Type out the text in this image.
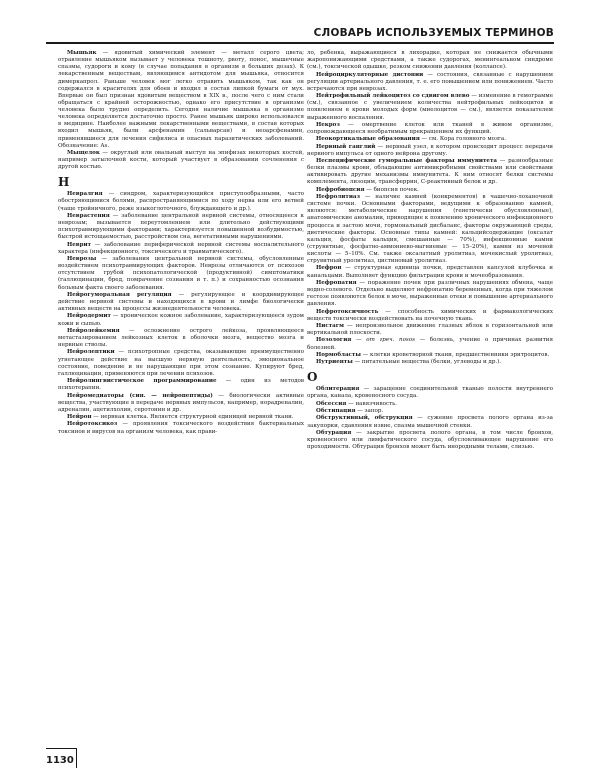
СЛОВАРЬ ИСПОЛЬЗУЕМЫХ ТЕРМИНОВ

Мышьяк — ядовитый химический элемент — металл серого цвета; отравление мышьяком вызывает у человека тошноту, рвоту, понос, мышечные спазмы, судороги и кому (в случае попадания в организм в больших дозах). К лекарственным веществам, являющимся антидотом для мышьяка, относится димеркапрол. Раньше человек мог легко отравить мышьяком, так как он содержался в красителях для обоев и входил в состав липкой бумаги от мух. Впервые он был признан ядовитым веществом в XIX в., после чего с ним стали обращаться с крайней осторожностью, однако его присутствие в организме человека было трудно определить. Сегодня наличие мышьяка в организме человека определяется достаточно просто. Ранее мышьяк широко использовался в медицине. Наиболее важными лекарственными веществами, в состав которых входил мышьяк, были арсфенамин (сальварсан) и неоарсфенамин, применявшиеся для лечения сифилиса и опасных паразитических заболеваний. Обозначение: As.

Мыщелок — округлый или овальный выступ на эпифизах некоторых костей, например затылочной кости, который участвует в образовании сочленения с другой костью.

Н

Невралгия — синдром, характеризующийся приступообразными, часто обостряющимися болями, распространяющимися по ходу нерва или его ветвей (чаще тройничного, реже языкоглоточного, блуждающего и др.).

Неврастения — заболевание центральной нервной системы, относящееся к неврозам; вызывается переутомлением или длительно действующими психотравмирующими факторами; характеризуется повышенной возбудимостью, быстрой истощаемостью, расстройством сна, вегетативными нарушениями.

Неврит — заболевание периферической нервной системы воспалительного характера (инфекционного, токсического и травматического).

Неврозы — заболевания центральной нервной системы, обусловленные воздействием психотравмирующих факторов. Неврозы отличаются от психозов отсутствием грубой психопатологической (продуктивной) симптоматики (галлюцинации, бред, помрачение сознания и т. п.) и сохранностью осознания больным факта своего заболевания.

Нейрогуморальная регуляция — регулирующее и координирующее действие нервной системы и находящихся в крови и лимфе биологически активных веществ на процессы жизнедеятельности человека.

Нейродермит — хроническое кожное заболевание, характеризующееся зудом кожи и сыпью.

Нейролейкемия — осложнение острого лейкоза, проявляющееся метастазированием лейкозных клеток в оболочки мозга, вещество мозга и нервные стволы.

Нейролептики — психотропные средства, оказывающие преимущественно угнетающее действие на высшую нервную деятельность, эмоциональное состояние, поведение и не нарушающие при этом сознание. Купируют бред, галлюцинации, применяются при лечении психозов.

Нейролингвистическое программирование — один из методов психотерапии.

Нейромедиаторы (син. — нейропептиды) — биологически активные вещества, участвующие в передаче нервных импульсов, например, норадреналин, адреналин, ацетилхолин, серотонин и др.

Нейрон — нервная клетка. Является структурной единицей нервной ткани.

Нейротоксикоз — проявления токсического воздействия бактериальных токсинов и вирусов на организм человека, как прави-

ло, ребенка, выражающиеся в лихорадке, которая не снижается обычными жаропонижающими средствами, а также судорогах, менингеальном синдроме (см.), токсической одышке, резком снижении давления (коллапсе).

Нейроциркуляторные дистонии — состояния, связанные с нарушением регуляции артериального давления, т. е. его повышением или понижением. Часто встречаются при неврозах.

Нейтрофильный лейкоцитоз со сдвигом влево — изменение в гемограмме (см.), связанное с увеличением количества нейтрофильных лейкоцитов и появлением в крови молодых форм (миелоцитов — см.), является показателем выраженного воспаления.

Некроз — омертвение клеток или тканей в живом организме, сопровождающееся необратимым прекращением их функций.

Неокортикальные образования — см. Кора головного мозга.

Нервный ганглий — нервный узел, в котором происходит процесс передачи нервного импульса от одного нейрона другому.

Неспецифические гуморальные факторы иммунитета — разнообразные белки плазмы крови, обладающие антимикробными свойствами или свойствами активировать другие механизмы иммунитета. К ним относят белки системы комплемента, лизоцим, трансферрин, С-реактивный белок и др.

Нефробиопсия — биопсия почек.

Нефролитиаз — наличие камней (конкрементов) в чашечно-лоханочной системе почки. Основными факторами, ведущими к образованию камней, являются: метаболические нарушения (генетически обусловленные), анатомические аномалии, приводящие к появлению хронического инфекционного процесса и застою мочи, гормональный дисбаланс, факторы окружающей среды, диетические факторы. Основные типы камней: кальцийсодержащие (оксалат кальция, фосфаты кальция, смешанные — 70%), инфекционные камни (струвитные, фосфатно-аммониево-магниевые — 15–20%), камни из мочевой кислоты — 5–10%. См. также оксалатный уролитиаз, мочекислый уролитиаз, струвитный уролитиаз, цистиновый уролитиаз.

Нефрон — структурная единица почки, представлен капсулой клубочка и канальцами. Выполняет функцию фильтрации крови и мочеобразования.

Нефропатия — поражение почек при различных нарушениях обмена, чаще водно-солевого. Отдельно выделяют нефропатию беременных, когда при тяжелом гестозе появляются белок в моче, выраженные отеки и повышение артериального давления.

Нефротоксичность — способность химических и фармакологических веществ токсически воздействовать на почечную ткань.

Нистагм — непроизвольное движение глазных яблок в горизонтальной или вертикальной плоскости.

Нозология — от греч. nosos — болезнь, учение о причинах развития болезней.

Нормобласты — клетки кроветворной ткани, предшественники эритроцитов.

Нутриенты — питательные вещества (белки, углеводы и др.).

О

Облитерация — заращение соединительной тканью полости внутреннего органа, канала, кровеносного сосуда.

Обсессия — навязчивость.

Обстипация — запор.

Обструктивный, обструкция — сужение просвета полого органа из-за закупорки, сдавления извне, спазма мышечной стенки.

Обтурация — закрытие просвета полого органа, в том числе бронхов, кровеносного или лимфатического сосуда, обусловливающее нарушение его проходимости. Обтурация бронхов может быть инородными телами, слизью.

1130
